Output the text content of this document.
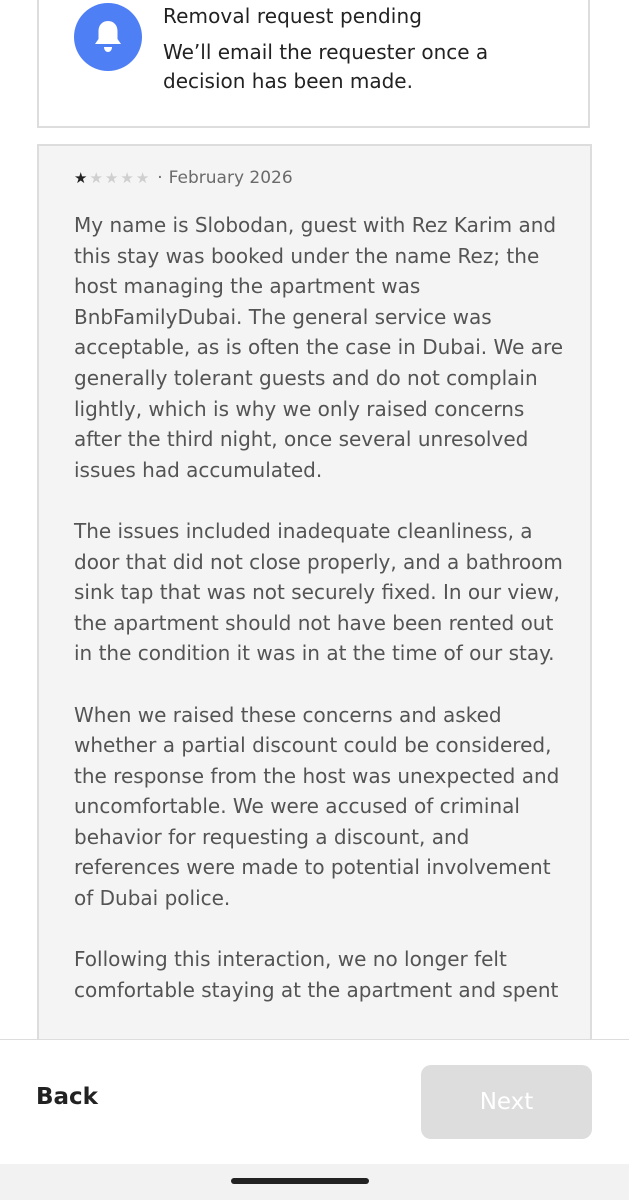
Removal request pending
We’ll email the requester once a decision has been made.
★ ★ ★ ★ ★ · February 2026

My name is Slobodan, guest with Rez Karim and this stay was booked under the name Rez; the host managing the apartment was BnbFamilyDubai. The general service was acceptable, as is often the case in Dubai. We are generally tolerant guests and do not complain lightly, which is why we only raised concerns after the third night, once several unresolved issues had accumulated.

The issues included inadequate cleanliness, a door that did not close properly, and a bathroom sink tap that was not securely fixed. In our view, the apartment should not have been rented out in the condition it was in at the time of our stay.

When we raised these concerns and asked whether a partial discount could be considered, the response from the host was unexpected and uncomfortable. We were accused of criminal behavior for requesting a discount, and references were made to potential involvement of Dubai police.

Following this interaction, we no longer felt comfortable staying at the apartment and spent

Back	Next
